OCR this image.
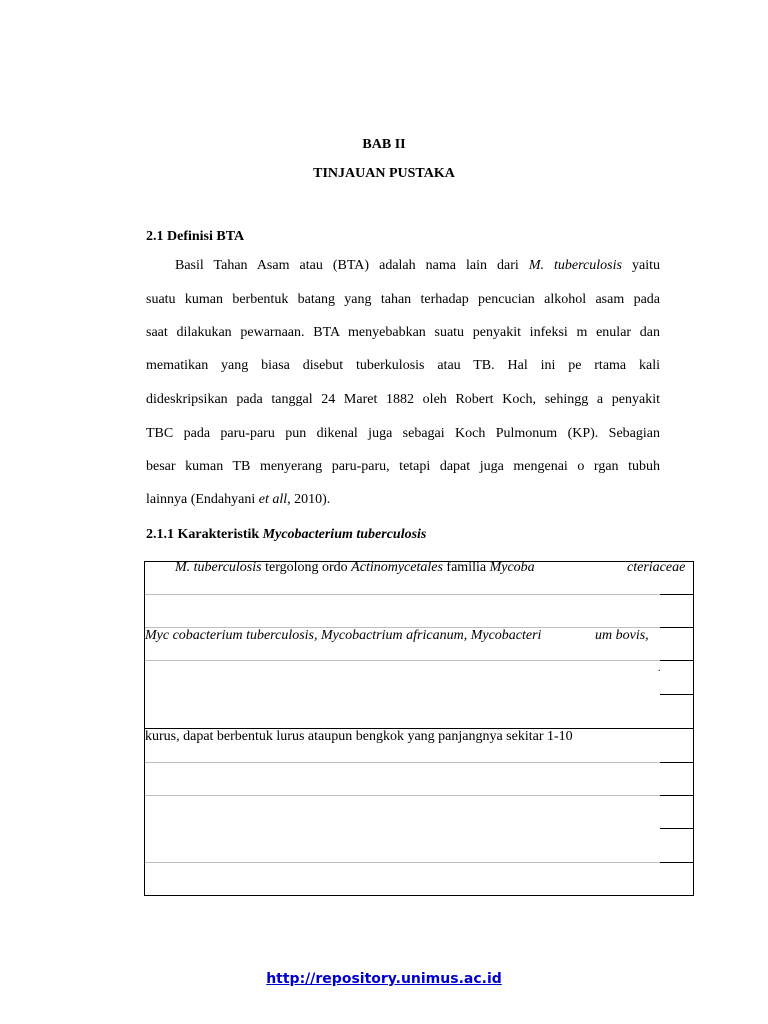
BAB II
TINJAUAN PUSTAKA
2.1 Definisi BTA
Basil Tahan Asam atau (BTA) adalah nama lain dari M. tuberculosis yaitu
suatu kuman berbentuk batang yang tahan terhadap pencucian alkohol asam pada
saat dilakukan pewarnaan. BTA menyebabkan suatu penyakit infeksi m enular dan
mematikan yang biasa disebut tuberkulosis atau TB. Hal ini pe rtama kali
dideskripsikan pada tanggal 24 Maret 1882 oleh Robert Koch, sehingg a penyakit
TBC pada paru-paru pun dikenal juga sebagai Koch Pulmonum (KP). Sebagian
besar kuman TB menyerang paru-paru, tetapi dapat juga mengenai o rgan tubuh
lainnya (Endahyani et all, 2010).
2.1.1 Karakteristik Mycobacterium tuberculosis
M. tuberculosis tergolong ordo Actinomycetales familia Mycoba	cteriaceae
Myc cobacterium tuberculosis, Mycobactrium africanum, Mycobacteri	um bovis,
.
kurus, dapat berbentuk lurus ataupun bengkok yang panjangnya sekitar 1-10
http://repository.unimus.ac.id
